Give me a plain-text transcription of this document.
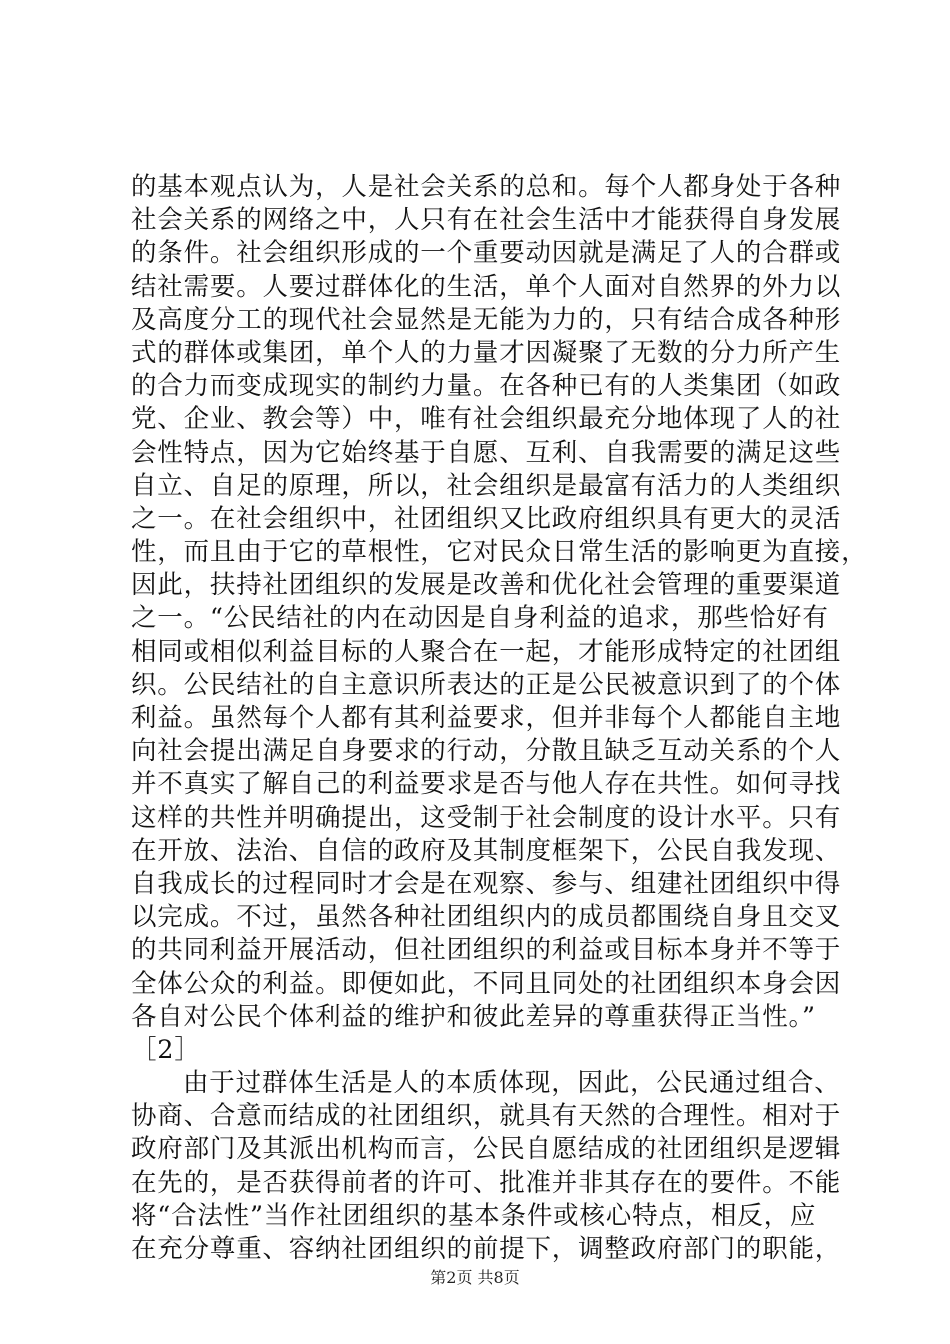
的基本观点认为，人是社会关系的总和。每个人都身处于各种
社会关系的网络之中，人只有在社会生活中才能获得自身发展
的条件。社会组织形成的一个重要动因就是满足了人的合群或
结社需要。人要过群体化的生活，单个人面对自然界的外力以
及高度分工的现代社会显然是无能为力的，只有结合成各种形
式的群体或集团，单个人的力量才因凝聚了无数的分力所产生
的合力而变成现实的制约力量。在各种已有的人类集团（如政
党、企业、教会等）中，唯有社会组织最充分地体现了人的社
会性特点，因为它始终基于自愿、互利、自我需要的满足这些
自立、自足的原理，所以，社会组织是最富有活力的人类组织
之一。在社会组织中，社团组织又比政府组织具有更大的灵活
性，而且由于它的草根性，它对民众日常生活的影响更为直接，
因此，扶持社团组织的发展是改善和优化社会管理的重要渠道
之一。“公民结社的内在动因是自身利益的追求，那些恰好有
相同或相似利益目标的人聚合在一起，才能形成特定的社团组
织。公民结社的自主意识所表达的正是公民被意识到了的个体
利益。虽然每个人都有其利益要求，但并非每个人都能自主地
向社会提出满足自身要求的行动，分散且缺乏互动关系的个人
并不真实了解自己的利益要求是否与他人存在共性。如何寻找
这样的共性并明确提出，这受制于社会制度的设计水平。只有
在开放、法治、自信的政府及其制度框架下，公民自我发现、
自我成长的过程同时才会是在观察、参与、组建社团组织中得
以完成。不过，虽然各种社团组织内的成员都围绕自身且交叉
的共同利益开展活动，但社团组织的利益或目标本身并不等于
全体公众的利益。即便如此，不同且同处的社团组织本身会因
各自对公民个体利益的维护和彼此差异的尊重获得正当性。”
［2］
由于过群体生活是人的本质体现，因此，公民通过组合、
协商、合意而结成的社团组织，就具有天然的合理性。相对于
政府部门及其派出机构而言，公民自愿结成的社团组织是逻辑
在先的，是否获得前者的许可、批准并非其存在的要件。不能
将“合法性”当作社团组织的基本条件或核心特点，相反，应
在充分尊重、容纳社团组织的前提下，调整政府部门的职能，
第2页 共8页
